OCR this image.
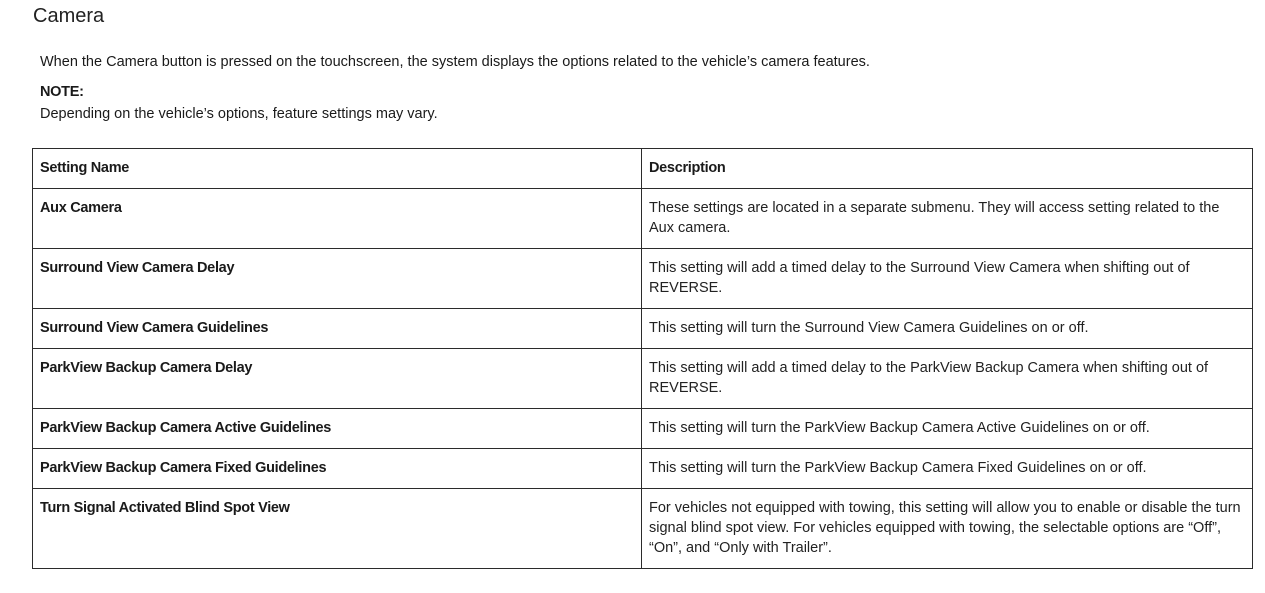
Camera

When the Camera button is pressed on the touchscreen, the system displays the options related to the vehicle’s camera features.

NOTE:

Depending on the vehicle’s options, feature settings may vary.

Setting Name	Description
Aux Camera	These settings are located in a separate submenu. They will access setting related to the Aux camera.
Surround View Camera Delay	This setting will add a timed delay to the Surround View Camera when shifting out of REVERSE.
Surround View Camera Guidelines	This setting will turn the Surround View Camera Guidelines on or off.
ParkView Backup Camera Delay	This setting will add a timed delay to the ParkView Backup Camera when shifting out of REVERSE.
ParkView Backup Camera Active Guidelines	This setting will turn the ParkView Backup Camera Active Guidelines on or off.
ParkView Backup Camera Fixed Guidelines	This setting will turn the ParkView Backup Camera Fixed Guidelines on or off.
Turn Signal Activated Blind Spot View	For vehicles not equipped with towing, this setting will allow you to enable or disable the turn signal blind spot view. For vehicles equipped with towing, the selectable options are “Off”, “On”, and “Only with Trailer”.
